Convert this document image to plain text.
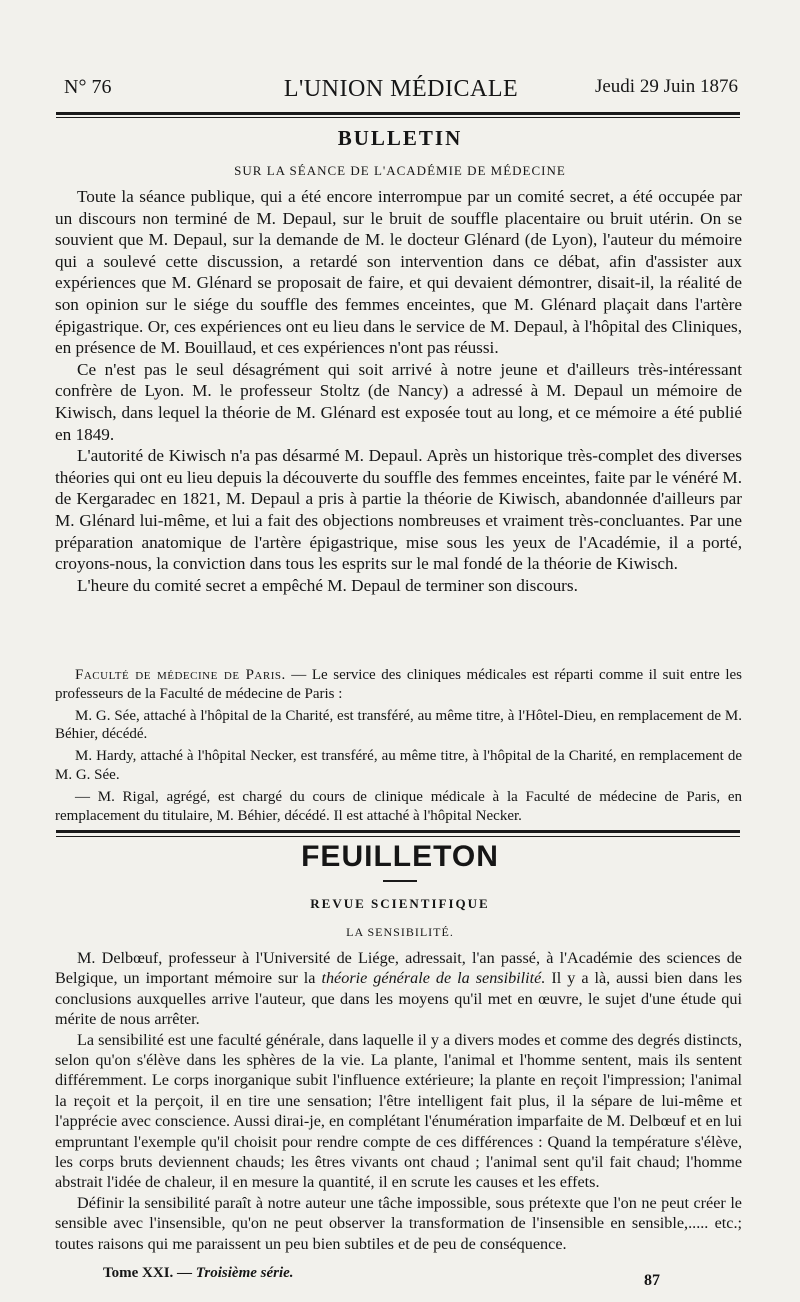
N° 76	L'UNION MÉDICALE	Jeudi 29 Juin 1876
BULLETIN
SUR LA SÉANCE DE L'ACADÉMIE DE MÉDECINE

Toute la séance publique, qui a été encore interrompue par un comité secret, a été occupée par un discours non terminé de M. Depaul, sur le bruit de souffle placentaire ou bruit utérin. On se souvient que M. Depaul, sur la demande de M. le docteur Glénard (de Lyon), l'auteur du mémoire qui a soulevé cette discussion, a retardé son intervention dans ce débat, afin d'assister aux expériences que M. Glénard se proposait de faire, et qui devaient démontrer, disait-il, la réalité de son opinion sur le siége du souffle des femmes enceintes, que M. Glénard plaçait dans l'artère épigastrique. Or, ces expériences ont eu lieu dans le service de M. Depaul, à l'hôpital des Cliniques, en présence de M. Bouillaud, et ces expériences n'ont pas réussi.

Ce n'est pas le seul désagrément qui soit arrivé à notre jeune et d'ailleurs très-intéressant confrère de Lyon. M. le professeur Stoltz (de Nancy) a adressé à M. Depaul un mémoire de Kiwisch, dans lequel la théorie de M. Glénard est exposée tout au long, et ce mémoire a été publié en 1849.

L'autorité de Kiwisch n'a pas désarmé M. Depaul. Après un historique très-complet des diverses théories qui ont eu lieu depuis la découverte du souffle des femmes enceintes, faite par le vénéré M. de Kergaradec en 1821, M. Depaul a pris à partie la théorie de Kiwisch, abandonnée d'ailleurs par M. Glénard lui-même, et lui a fait des objections nombreuses et vraiment très-concluantes. Par une préparation anatomique de l'artère épigastrique, mise sous les yeux de l'Académie, il a porté, croyons-nous, la conviction dans tous les esprits sur le mal fondé de la théorie de Kiwisch.

L'heure du comité secret a empêché M. Depaul de terminer son discours.

Faculté de médecine de Paris. — Le service des cliniques médicales est réparti comme il suit entre les professeurs de la Faculté de médecine de Paris :

M. G. Sée, attaché à l'hôpital de la Charité, est transféré, au même titre, à l'Hôtel-Dieu, en remplacement de M. Béhier, décédé.

M. Hardy, attaché à l'hôpital Necker, est transféré, au même titre, à l'hôpital de la Charité, en remplacement de M. G. Sée.

— M. Rigal, agrégé, est chargé du cours de clinique médicale à la Faculté de médecine de Paris, en remplacement du titulaire, M. Béhier, décédé. Il est attaché à l'hôpital Necker.

FEUILLETON
REVUE SCIENTIFIQUE
LA SENSIBILITÉ.

M. Delbœuf, professeur à l'Université de Liége, adressait, l'an passé, à l'Académie des sciences de Belgique, un important mémoire sur la théorie générale de la sensibilité. Il y a là, aussi bien dans les conclusions auxquelles arrive l'auteur, que dans les moyens qu'il met en œuvre, le sujet d'une étude qui mérite de nous arrêter.

La sensibilité est une faculté générale, dans laquelle il y a divers modes et comme des degrés distincts, selon qu'on s'élève dans les sphères de la vie. La plante, l'animal et l'homme sentent, mais ils sentent différemment. Le corps inorganique subit l'influence extérieure; la plante en reçoit l'impression; l'animal la reçoit et la perçoit, il en tire une sensation; l'être intelligent fait plus, il la sépare de lui-même et l'apprécie avec conscience. Aussi dirai-je, en complétant l'énumération imparfaite de M. Delbœuf et en lui empruntant l'exemple qu'il choisit pour rendre compte de ces différences : Quand la température s'élève, les corps bruts deviennent chauds; les êtres vivants ont chaud ; l'animal sent qu'il fait chaud; l'homme abstrait l'idée de chaleur, il en mesure la quantité, il en scrute les causes et les effets.

Définir la sensibilité paraît à notre auteur une tâche impossible, sous prétexte que l'on ne peut créer le sensible avec l'insensible, qu'on ne peut observer la transformation de l'insensible en sensible,..... etc.; toutes raisons qui me paraissent un peu bien subtiles et de peu de conséquence.

Tome XXI. — Troisième série.	87
